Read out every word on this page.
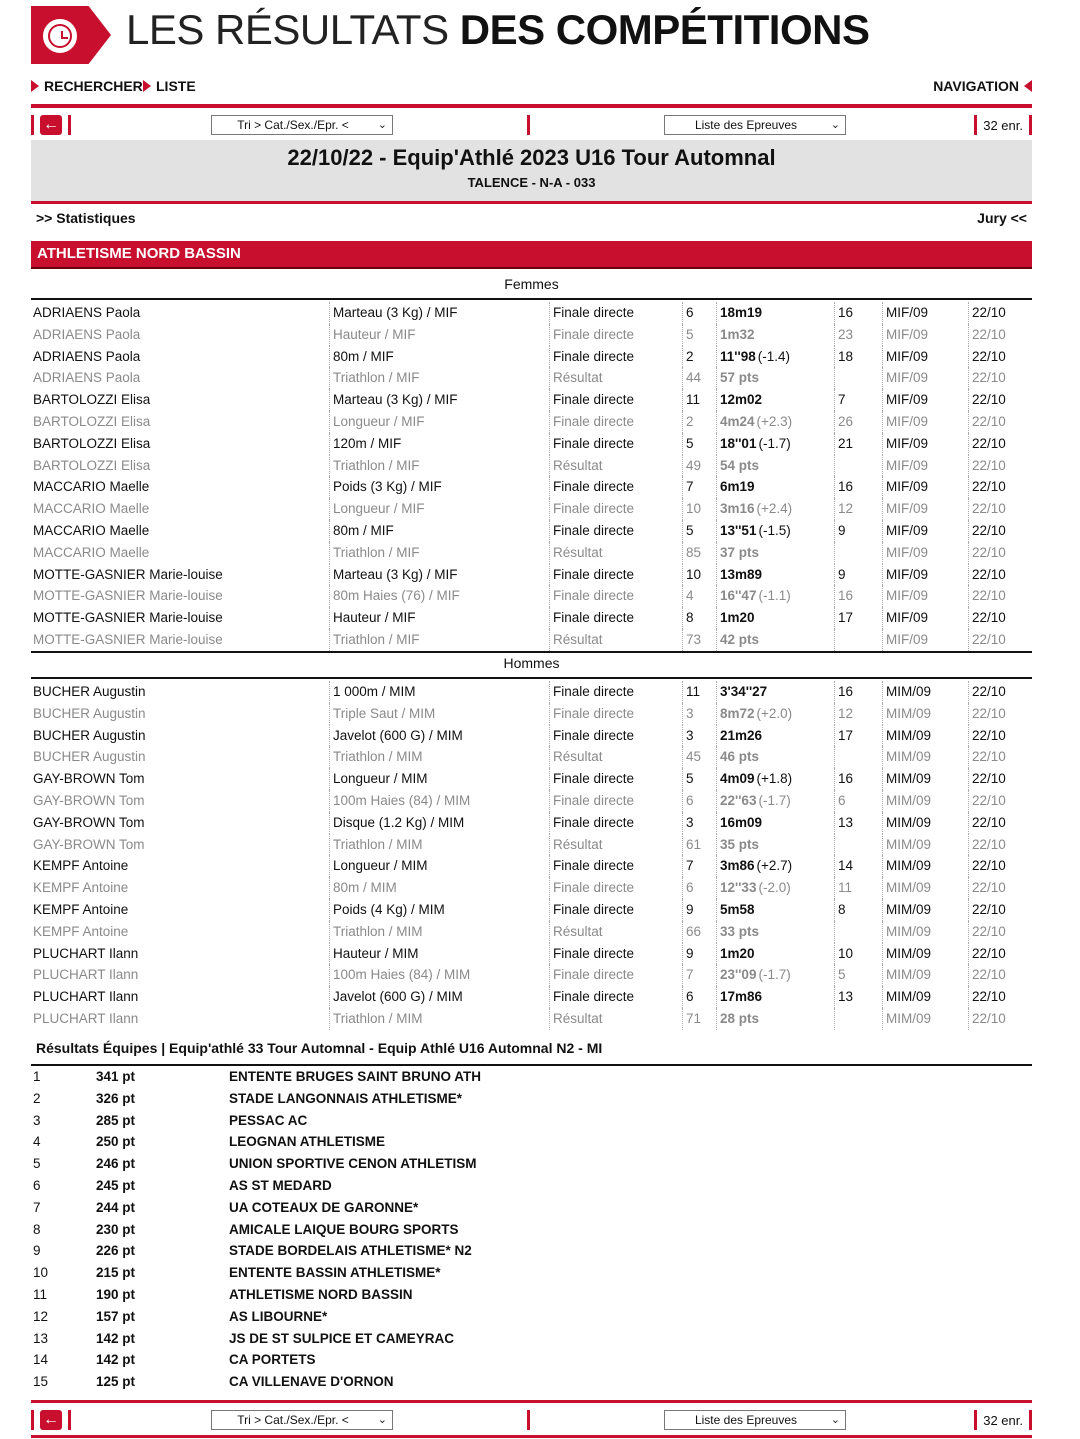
LES RÉSULTATS DES COMPÉTITIONS
RECHERCHER LISTE	NAVIGATION
←	Tri > Cat./Sex./Epr. <	⌄	Liste des Epreuves	⌄	32 enr.
22/10/22 - Equip'Athlé 2023 U16 Tour Automnal
TALENCE - N-A - 033
>> Statistiques	Jury <<
ATHLETISME NORD BASSIN
Femmes
ADRIAENS Paola	Marteau (3 Kg) / MIF	Finale directe	6 18m19	16 MIF/09	22/10
ADRIAENS Paola	Hauteur / MIF	Finale directe	5 1m32	23 MIF/09	22/10
ADRIAENS Paola	80m / MIF	Finale directe	2 11''98 (-1.4)	18 MIF/09	22/10
ADRIAENS Paola	Triathlon / MIF	Résultat	44 57 pts	MIF/09	22/10
BARTOLOZZI Elisa	Marteau (3 Kg) / MIF	Finale directe	11 12m02	7	MIF/09	22/10
BARTOLOZZI Elisa	Longueur / MIF	Finale directe	2 4m24 (+2.3)	26 MIF/09	22/10
BARTOLOZZI Elisa	120m / MIF	Finale directe	5 18''01 (-1.7)	21 MIF/09	22/10
BARTOLOZZI Elisa	Triathlon / MIF	Résultat	49 54 pts	MIF/09	22/10
MACCARIO Maelle	Poids (3 Kg) / MIF	Finale directe	7 6m19	16 MIF/09	22/10
MACCARIO Maelle	Longueur / MIF	Finale directe	10 3m16 (+2.4)	12 MIF/09	22/10
MACCARIO Maelle	80m / MIF	Finale directe	5 13''51 (-1.5)	9	MIF/09	22/10
MACCARIO Maelle	Triathlon / MIF	Résultat	85 37 pts	MIF/09	22/10
MOTTE-GASNIER Marie-louise	Marteau (3 Kg) / MIF	Finale directe	10 13m89	9	MIF/09	22/10
MOTTE-GASNIER Marie-louise	80m Haies (76) / MIF	Finale directe	4 16''47 (-1.1)	16 MIF/09	22/10
MOTTE-GASNIER Marie-louise	Hauteur / MIF	Finale directe	8 1m20	17 MIF/09	22/10
MOTTE-GASNIER Marie-louise	Triathlon / MIF	Résultat	73 42 pts	MIF/09	22/10
Hommes
BUCHER Augustin	1 000m / MIM	Finale directe	11 3'34''27	16 MIM/09	22/10
BUCHER Augustin	Triple Saut / MIM	Finale directe	3 8m72 (+2.0)	12 MIM/09	22/10
BUCHER Augustin	Javelot (600 G) / MIM	Finale directe	3 21m26	17 MIM/09	22/10
BUCHER Augustin	Triathlon / MIM	Résultat	45 46 pts	MIM/09	22/10
GAY-BROWN Tom	Longueur / MIM	Finale directe	5 4m09 (+1.8)	16 MIM/09	22/10
GAY-BROWN Tom	100m Haies (84) / MIM	Finale directe	6 22''63 (-1.7)	6	MIM/09	22/10
GAY-BROWN Tom	Disque (1.2 Kg) / MIM	Finale directe	3 16m09	13 MIM/09	22/10
GAY-BROWN Tom	Triathlon / MIM	Résultat	61 35 pts	MIM/09	22/10
KEMPF Antoine	Longueur / MIM	Finale directe	7 3m86 (+2.7)	14 MIM/09	22/10
KEMPF Antoine	80m / MIM	Finale directe	6 12''33 (-2.0)	11	MIM/09	22/10
KEMPF Antoine	Poids (4 Kg) / MIM	Finale directe	9 5m58	8	MIM/09	22/10
KEMPF Antoine	Triathlon / MIM	Résultat	66 33 pts	MIM/09	22/10
PLUCHART Ilann	Hauteur / MIM	Finale directe	9 1m20	10 MIM/09	22/10
PLUCHART Ilann	100m Haies (84) / MIM	Finale directe	7 23''09 (-1.7)	5	MIM/09	22/10
PLUCHART Ilann	Javelot (600 G) / MIM	Finale directe	6 17m86	13 MIM/09	22/10
PLUCHART Ilann	Triathlon / MIM	Résultat	71 28 pts	MIM/09	22/10
Résultats Équipes | Equip'athlé 33 Tour Automnal - Equip Athlé U16 Automnal N2 - MI
1	341 pt	ENTENTE BRUGES SAINT BRUNO ATH
2	326 pt	STADE LANGONNAIS ATHLETISME*
3	285 pt	PESSAC AC
4	250 pt	LEOGNAN ATHLETISME
5	246 pt	UNION SPORTIVE CENON ATHLETISM
6	245 pt	AS ST MEDARD
7	244 pt	UA COTEAUX DE GARONNE*
8	230 pt	AMICALE LAIQUE BOURG SPORTS
9	226 pt	STADE BORDELAIS ATHLETISME* N2
10	215 pt	ENTENTE BASSIN ATHLETISME*
11	190 pt	ATHLETISME NORD BASSIN
12	157 pt	AS LIBOURNE*
13	142 pt	JS DE ST SULPICE ET CAMEYRAC
14	142 pt	CA PORTETS
15	125 pt	CA VILLENAVE D'ORNON
←	Tri > Cat./Sex./Epr. <	⌄	Liste des Epreuves	⌄	32 enr.
